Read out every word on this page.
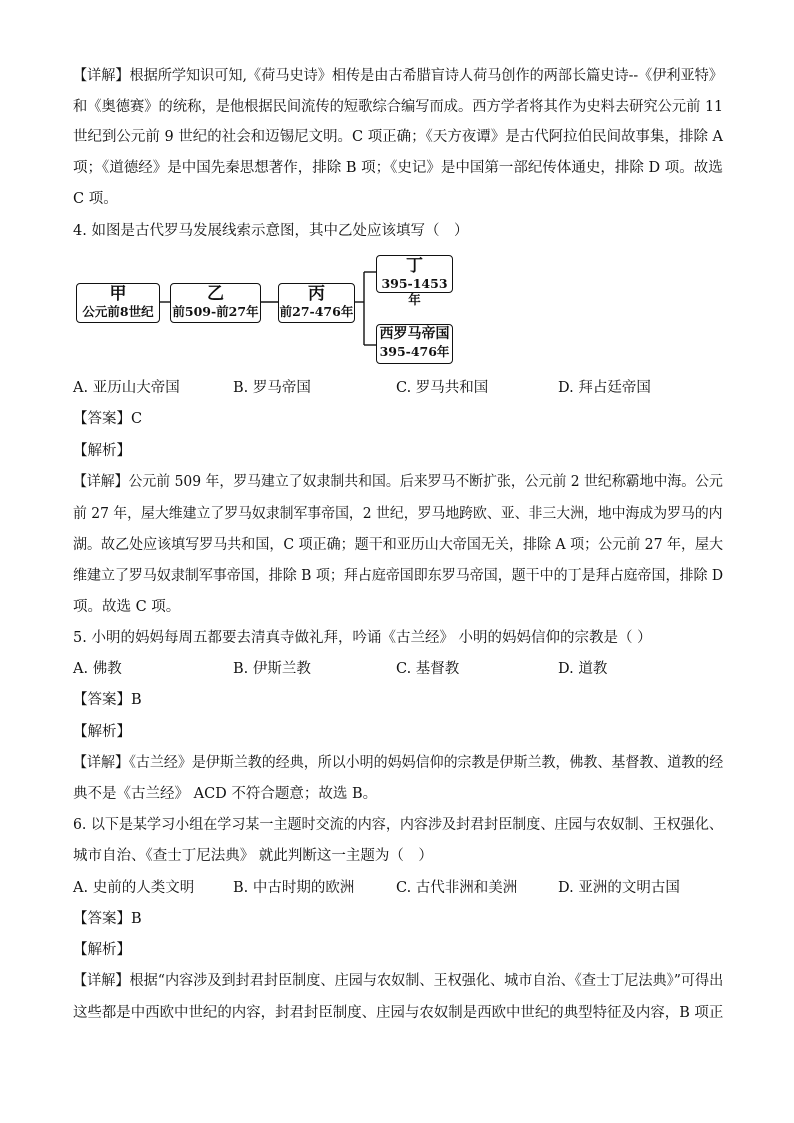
【详解】根据所学知识可知,《荷马史诗》相传是由古希腊盲诗人荷马创作的两部长篇史诗--《伊利亚特》

和《奥德赛》的统称，是他根据民间流传的短歌综合编写而成。西方学者将其作为史料去研究公元前 11

世纪到公元前 9 世纪的社会和迈锡尼文明。C 项正确；《天方夜谭》是古代阿拉伯民间故事集，排除 A

项；《道德经》是中国先秦思想著作，排除 B 项；《史记》是中国第一部纪传体通史，排除 D 项。故选

C 项。

4. 如图是古代罗马发展线索示意图，其中乙处应该填写（　）

甲
公元前8世纪
乙
前509-前27年
丙
前27-476年
丁
395-1453年
西罗马帝国
395-476年
A. 亚历山大帝国	B. 罗马帝国	C. 罗马共和国	D. 拜占廷帝国

【答案】C

【解析】

【详解】公元前 509 年，罗马建立了奴隶制共和国。后来罗马不断扩张，公元前 2 世纪称霸地中海。公元

前 27 年，屋大维建立了罗马奴隶制军事帝国，2 世纪，罗马地跨欧、亚、非三大洲，地中海成为罗马的内

湖。故乙处应该填写罗马共和国，C 项正确；题干和亚历山大帝国无关，排除 A 项；公元前 27 年，屋大

维建立了罗马奴隶制军事帝国，排除 B 项；拜占庭帝国即东罗马帝国，题干中的丁是拜占庭帝国，排除 D

项。故选 C 项。

5. 小明的妈妈每周五都要去清真寺做礼拜，吟诵《古兰经》 小明的妈妈信仰的宗教是（ ）

A. 佛教	B. 伊斯兰教	C. 基督教	D. 道教

【答案】B

【解析】

【详解】《古兰经》是伊斯兰教的经典，所以小明的妈妈信仰的宗教是伊斯兰教，佛教、基督教、道教的经

典不是《古兰经》 ACD 不符合题意；故选 B。

6. 以下是某学习小组在学习某一主题时交流的内容，内容涉及封君封臣制度、庄园与农奴制、王权强化、

城市自治、《查士丁尼法典》 就此判断这一主题为（　）

A. 史前的人类文明	B. 中古时期的欧洲	C. 古代非洲和美洲	D. 亚洲的文明古国

【答案】B

【解析】

【详解】根据“内容涉及到封君封臣制度、庄园与农奴制、王权强化、城市自治、《查士丁尼法典》”可得出

这些都是中西欧中世纪的内容，封君封臣制度、庄园与农奴制是西欧中世纪的典型特征及内容，B 项正
